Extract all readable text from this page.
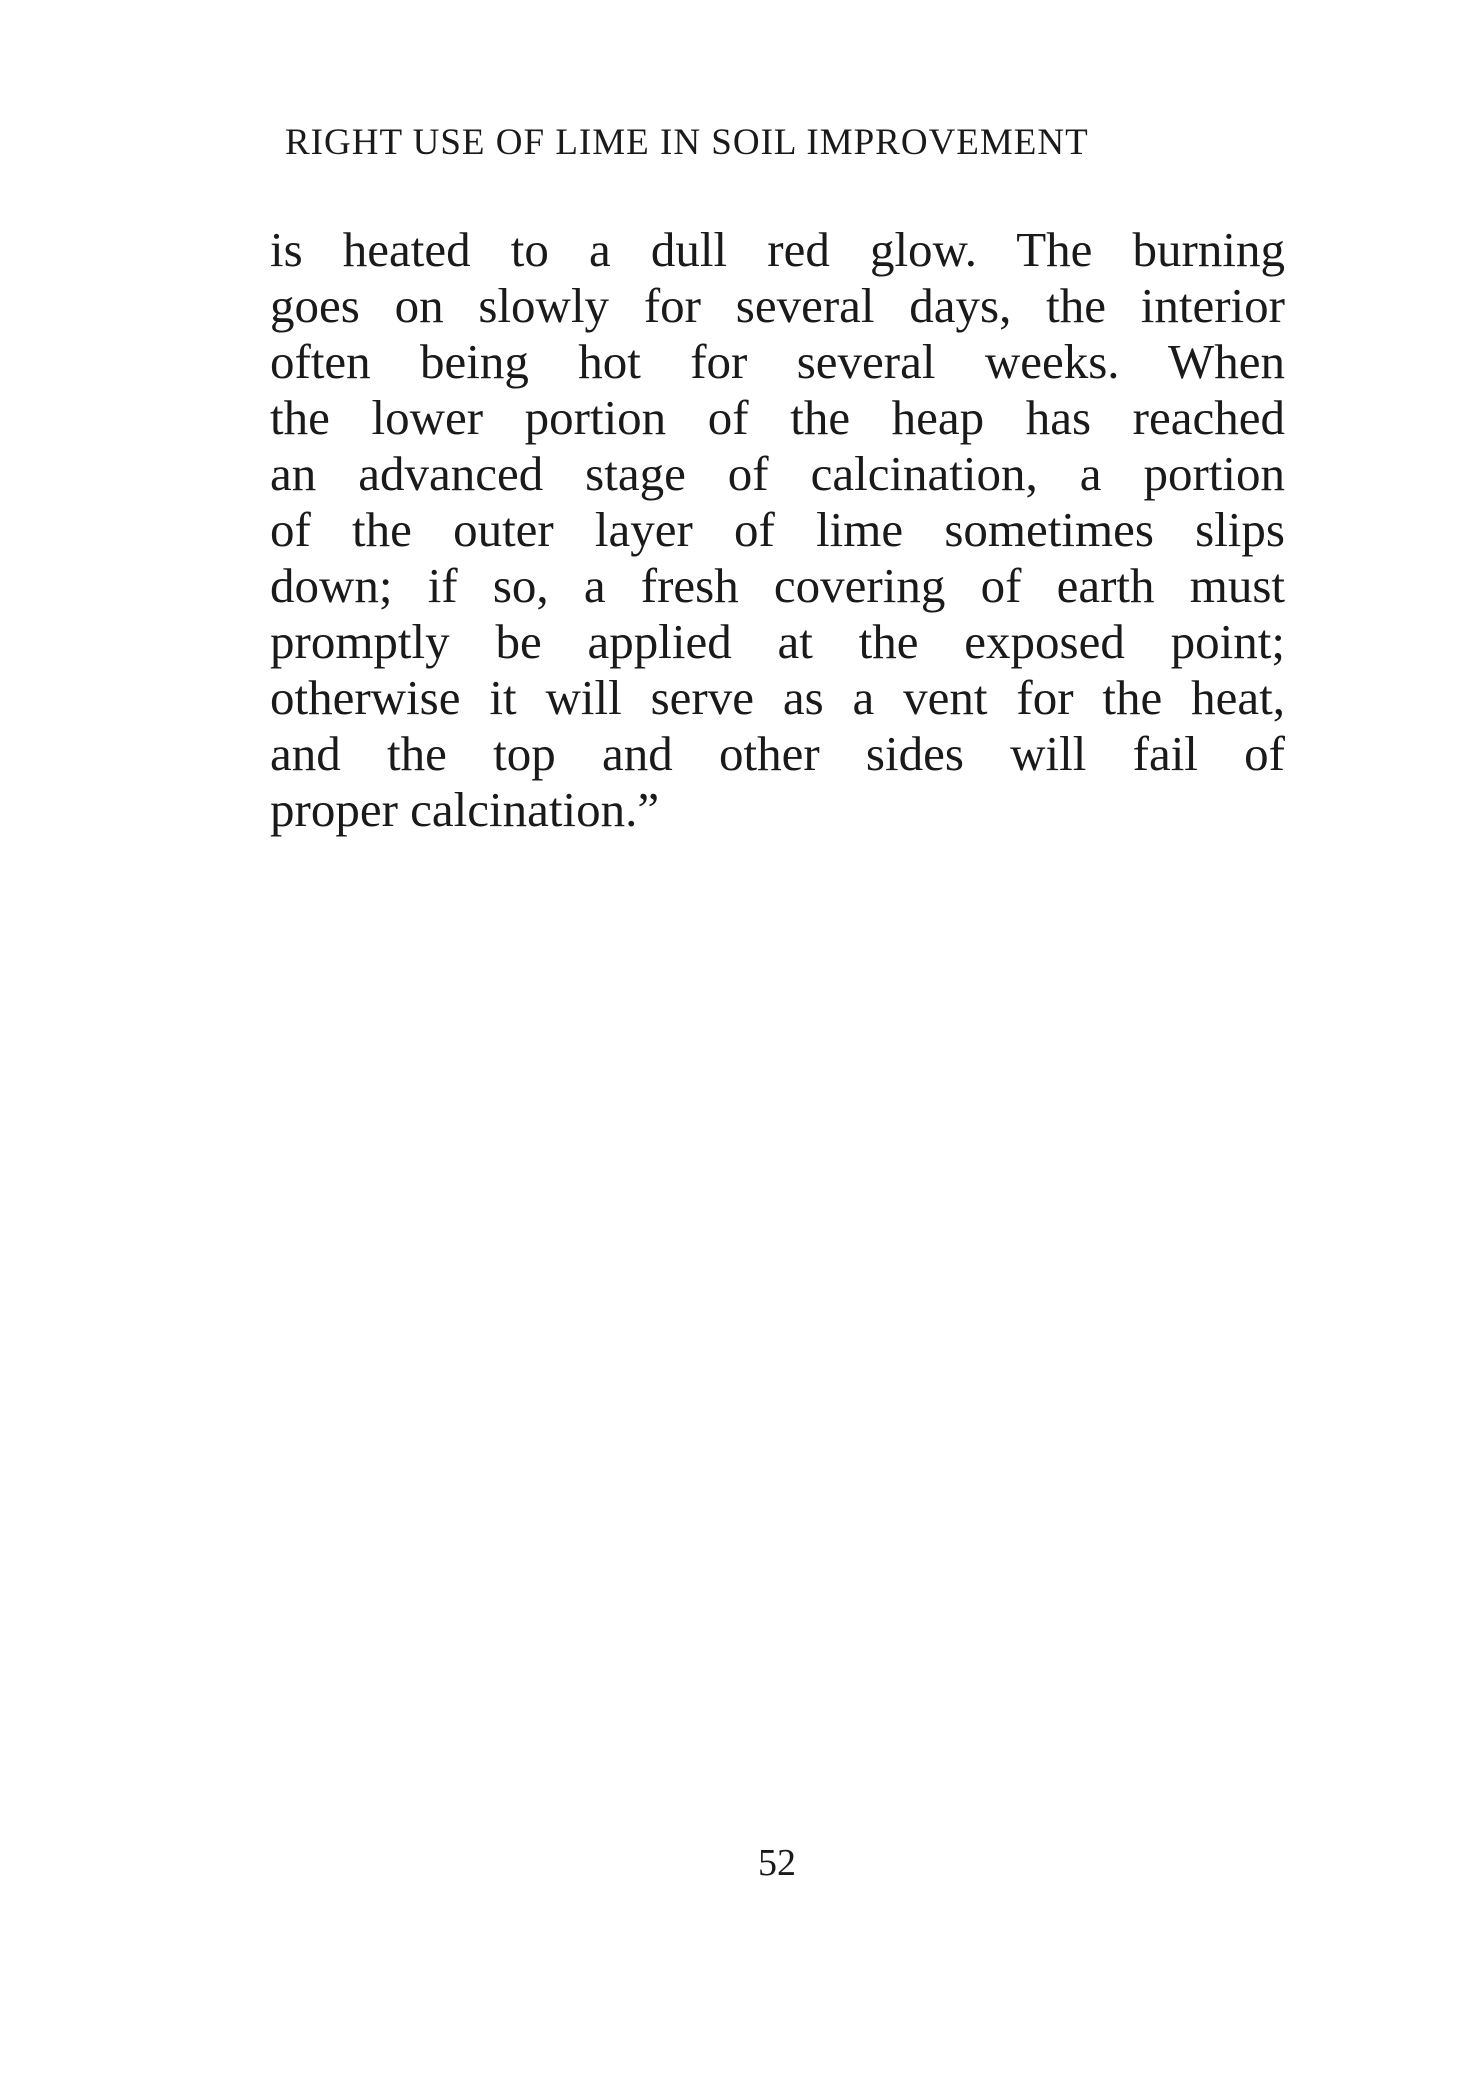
RIGHT USE OF LIME IN SOIL IMPROVEMENT
is heated to a dull red glow. The burning
goes on slowly for several days, the interior
often being hot for several weeks. When
the lower portion of the heap has reached
an advanced stage of calcination, a portion
of the outer layer of lime sometimes slips
down; if so, a fresh covering of earth must
promptly be applied at the exposed point;
otherwise it will serve as a vent for the heat,
and the top and other sides will fail of
proper calcination.”
52
